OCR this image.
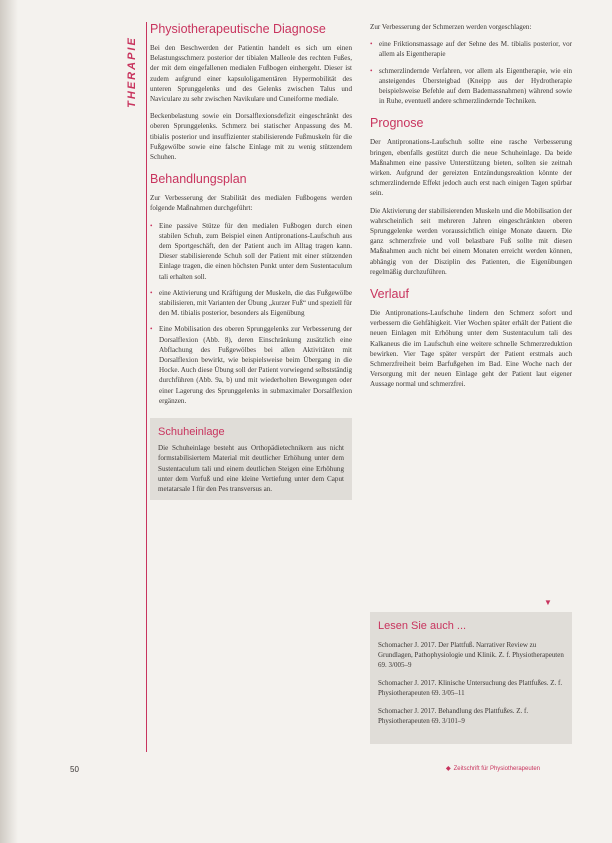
THERAPIE
Physiotherapeutische Diagnose

Bei den Beschwerden der Patientin handelt es sich um einen Belastungsschmerz posterior der tibialen Malleole des rechten Fußes, der mit dem eingefallenen medialen Fußbogen einhergeht. Dieser ist zudem aufgrund einer kapsuloligamentären Hypermobilität des unteren Sprunggelenks und des Gelenks zwischen Talus und Naviculare zu sehr zwischen Navikulare und Cuneiforme mediale.

Beckenbelastung sowie ein Dorsalflexionsdefizit eingeschränkt des oberen Sprunggelenks. Schmerz bei statischer Anpassung des M. tibialis posterior und insuffizienter stabilisierende Fußmuskeln für die Fußgewölbe sowie eine falsche Einlage mit zu wenig stützendem Schuhen.

Behandlungsplan

Zur Verbesserung der Stabilität des medialen Fußbogens werden folgende Maßnahmen durchgeführt:

• Eine passive Stütze für den medialen Fußbogen durch einen stabilen Schuh, zum Beispiel einen Antipronations-Laufschuh aus dem Sportgeschäft, den der Patient auch im Alltag tragen kann. Dieser stabilisierende Schuh soll der Patient mit einer stützenden Einlage tragen, die einen höchsten Punkt unter dem Sustentaculum tali erhalten soll.
• eine Aktivierung und Kräftigung der Muskeln, die das Fußgewölbe stabilisieren, mit Varianten der Übung „kurzer Fuß“ und speziell für den M. tibialis posterior, besonders als Eigenübung
• Eine Mobilisation des oberen Sprunggelenks zur Verbesserung der Dorsalflexion (Abb. 8), deren Einschränkung zusätzlich eine Abflachung des Fußgewölbes bei allen Aktivitäten mit Dorsalflexion bewirkt, wie beispielsweise beim Übergang in die Hocke. Auch diese Übung soll der Patient vorwiegend selbstständig durchführen (Abb. 9a, b) und mit wiederholten Bewegungen oder einer Lagerung des Sprunggelenks in submaximaler Dorsalflexion ergänzen.
Schuheinlage

Die Schuheinlage besteht aus Orthopädietechnikern aus nicht formstabilisiertem Material mit deutlicher Erhöhung unter dem Sustentaculum tali und einem deutlichen Steigen eine Erhöhung unter dem Vorfuß und eine kleine Vertiefung unter dem Caput metatarsale I für den Pes transversus an.

Zur Verbesserung der Schmerzen werden vorgeschlagen:

• eine Friktionsmassage auf der Sehne des M. tibialis posterior, vor allem als Eigentherapie
• schmerzlindernde Verfahren, vor allem als Eigentherapie, wie ein ansteigendes Übersteigbad (Kneipp aus der Hydrotherapie beispielsweise Befehle auf dem Bademassnahmen) während sowie in Ruhe, eventuell andere schmerzlindernde Techniken.
Prognose

Der Antipronations-Laufschuh sollte eine rasche Verbesserung bringen, ebenfalls gestützt durch die neue Schuheinlage. Da beide Maßnahmen eine passive Unterstützung bieten, sollten sie zeitnah wirken. Aufgrund der gereizten Entzündungsreaktion könnte der schmerzlindernde Effekt jedoch auch erst nach einigen Tagen spürbar sein.

Die Aktivierung der stabilisierenden Muskeln und die Mobilisation der wahrscheinlich seit mehreren Jahren eingeschränkten oberen Sprunggelenke werden voraussichtlich einige Monate dauern. Die ganz schmerzfreie und voll belastbare Fuß sollte mit diesen Maßnahmen auch nicht bei einem Monaten erreicht werden können, abhängig von der Disziplin des Patienten, die Eigenübungen regelmäßig durchzuführen.

Verlauf

Die Antipronations-Laufschuhe lindern den Schmerz sofort und verbessern die Gehfähigkeit. Vier Wochen später erhält der Patient die neuen Einlagen mit Erhöhung unter dem Sustentaculum tali des Kalkaneus die im Laufschuh eine weitere schnelle Schmerzreduktion bewirken. Vier Tage später verspürt der Patient erstmals auch Schmerzfreiheit beim Barfußgehen im Bad. Eine Woche nach der Versorgung mit der neuen Einlage geht der Patient laut eigener Aussage normal und schmerzfrei.

▼
Lesen Sie auch ...

Schomacher J. 2017. Der Plattfuß. Narrativer Review zu Grundlagen, Pathophysiologie und Klinik. Z. f. Physiotherapeuten 69. 3/005–9

Schomacher J. 2017. Klinische Untersuchung des Plattfußes. Z. f. Physiotherapeuten 69. 3/05–11

Schomacher J. 2017. Behandlung des Plattfußes. Z. f. Physiotherapeuten 69. 3/101–9

50	◆ Zeitschrift für Physiotherapeuten
